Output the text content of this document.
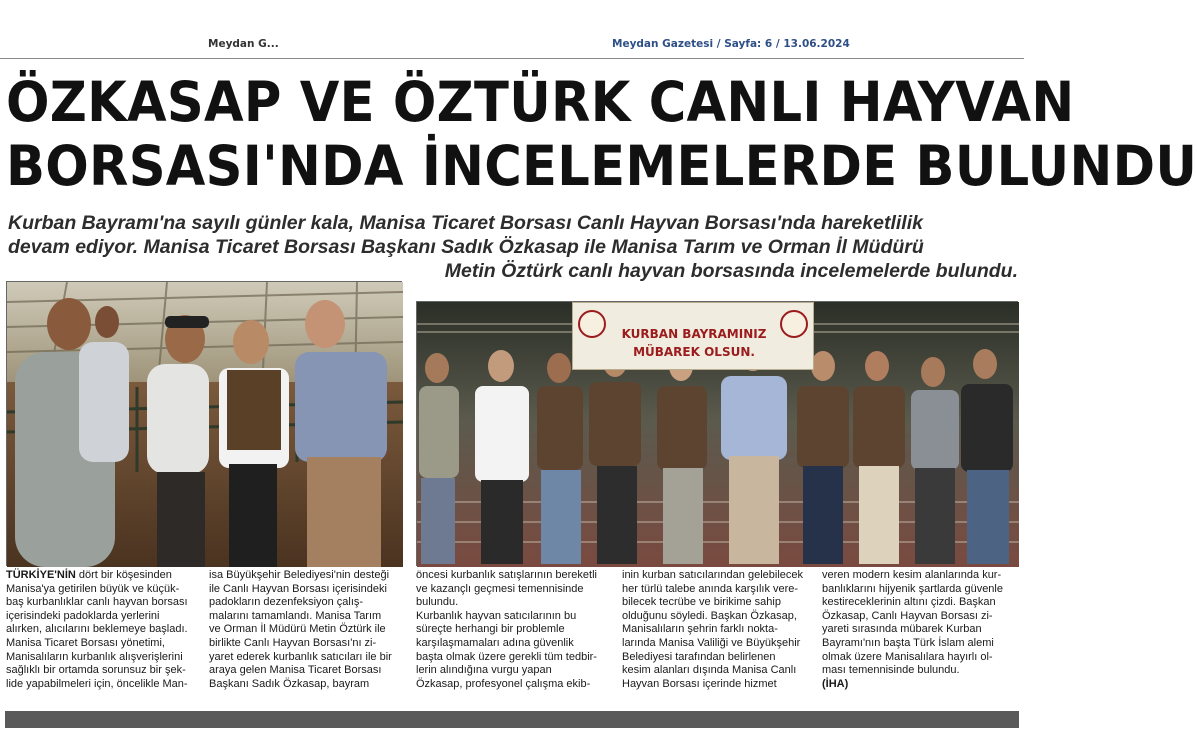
Meydan G...	Meydan Gazetesi / Sayfa: 6 / 13.06.2024
ÖZKASAP VE ÖZTÜRK CANLI HAYVAN
BORSASI'NDA İNCELEMELERDE BULUNDU
Kurban Bayramı'na sayılı günler kala, Manisa Ticaret Borsası Canlı Hayvan Borsası'nda hareketlilik
devam ediyor. Manisa Ticaret Borsası Başkanı Sadık Özkasap ile Manisa Tarım ve Orman İl Müdürü
Metin Öztürk canlı hayvan borsasında incelemelerde bulundu.
KURBAN BAYRAMINIZ
MÜBAREK OLSUN.
TÜRKİYE'NİN dört bir köşesinden
Manisa'ya getirilen büyük ve küçük-
baş kurbanlıklar canlı hayvan borsası
içerisindeki padoklarda yerlerini
alırken, alıcılarını beklemeye başladı.
Manisa Ticaret Borsası yönetimi,
Manisalıların kurbanlık alışverişlerini
sağlıklı bir ortamda sorunsuz bir şek-
lide yapabilmeleri için, öncelikle Man-
isa Büyükşehir Belediyesi'nin desteği
ile Canlı Hayvan Borsası içerisindeki
padokların dezenfeksiyon çalış-
malarını tamamlandı. Manisa Tarım
ve Orman İl Müdürü Metin Öztürk ile
birlikte Canlı Hayvan Borsası'nı zi-
yaret ederek kurbanlık satıcıları ile bir
araya gelen Manisa Ticaret Borsası
Başkanı Sadık Özkasap, bayram
öncesi kurbanlık satışlarının bereketli
ve kazançlı geçmesi temennisinde
bulundu.
Kurbanlık hayvan satıcılarının bu
süreçte herhangi bir problemle
karşılaşmamaları adına güvenlik
başta olmak üzere gerekli tüm tedbir-
lerin alındığına vurgu yapan
Özkasap, profesyonel çalışma ekib-
inin kurban satıcılarından gelebilecek
her türlü talebe anında karşılık vere-
bilecek tecrübe ve birikime sahip
olduğunu söyledi. Başkan Özkasap,
Manisalıların şehrin farklı nokta-
larında Manisa Valiliği ve Büyükşehir
Belediyesi tarafından belirlenen
kesim alanları dışında Manisa Canlı
Hayvan Borsası içerinde hizmet
veren modern kesim alanlarında kur-
banlıklarını hijyenik şartlarda güvenle
kestireceklerinin altını çizdi. Başkan
Özkasap, Canlı Hayvan Borsası zi-
yareti sırasında mübarek Kurban
Bayramı'nın başta Türk İslam alemi
olmak üzere Manisalılara hayırlı ol-
ması temennisinde bulundu.
(İHA)
